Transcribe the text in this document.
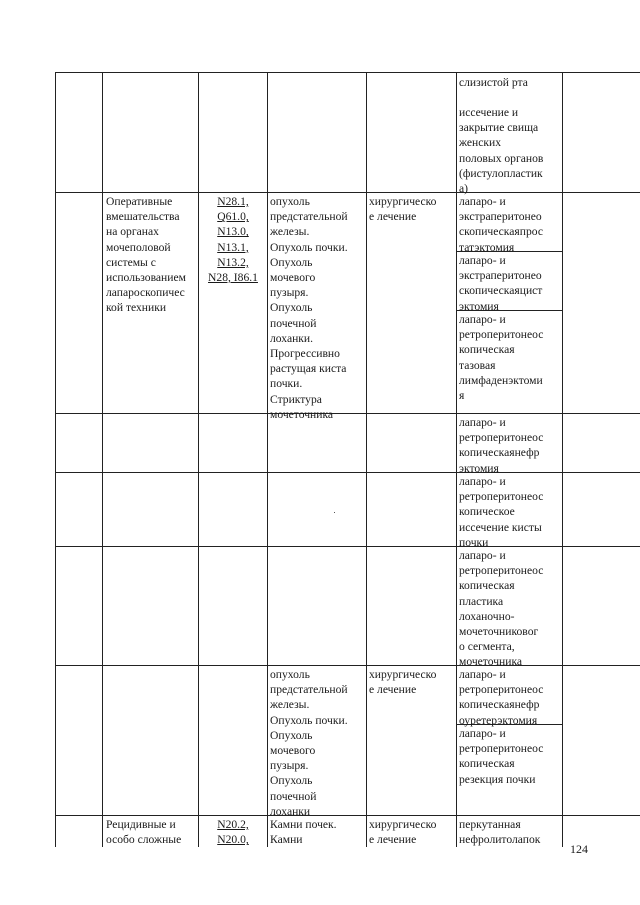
слизистой рта
иссечение и
закрытие свища
женских
половых органов
(фистулопластик
а)
Оперативные
вмешательства
на органах
мочеполовой
системы с
использованием
лапароскопичес
кой техники
N28.1,
Q61.0,
N13.0,
N13.1,
N13.2,
N28, I86.1
опухоль
предстательной
железы.
Опухоль почки.
Опухоль
мочевого
пузыря.
Опухоль
почечной
лоханки.
Прогрессивно
растущая киста
почки.
Стриктура
мочеточника
хирургическо
е лечение
лапаро- и
экстраперитонео
скопическаяпрос
татэктомия
лапаро- и
экстраперитонео
скопическаяцист
эктомия
лапаро- и
ретроперитонеос
копическая
тазовая
лимфаденэктоми
я
лапаро- и
ретроперитонеос
копическаянефр
эктомия
лапаро- и
ретроперитонеос
копическое
иссечение кисты
почки
лапаро- и
ретроперитонеос
копическая
пластика
лоханочно-
мочеточниковог
о сегмента,
мочеточника
опухоль
предстательной
железы.
Опухоль почки.
Опухоль
мочевого
пузыря.
Опухоль
почечной
лоханки
хирургическо
е лечение
лапаро- и
ретроперитонеос
копическаянефр
оуретерэктомия
лапаро- и
ретроперитонеос
копическая
резекция почки
Рецидивные и
особо сложные
N20.2,
N20.0,
Камни почек.
Камни
хирургическо
е лечение
перкутанная
нефролитолапок
124
